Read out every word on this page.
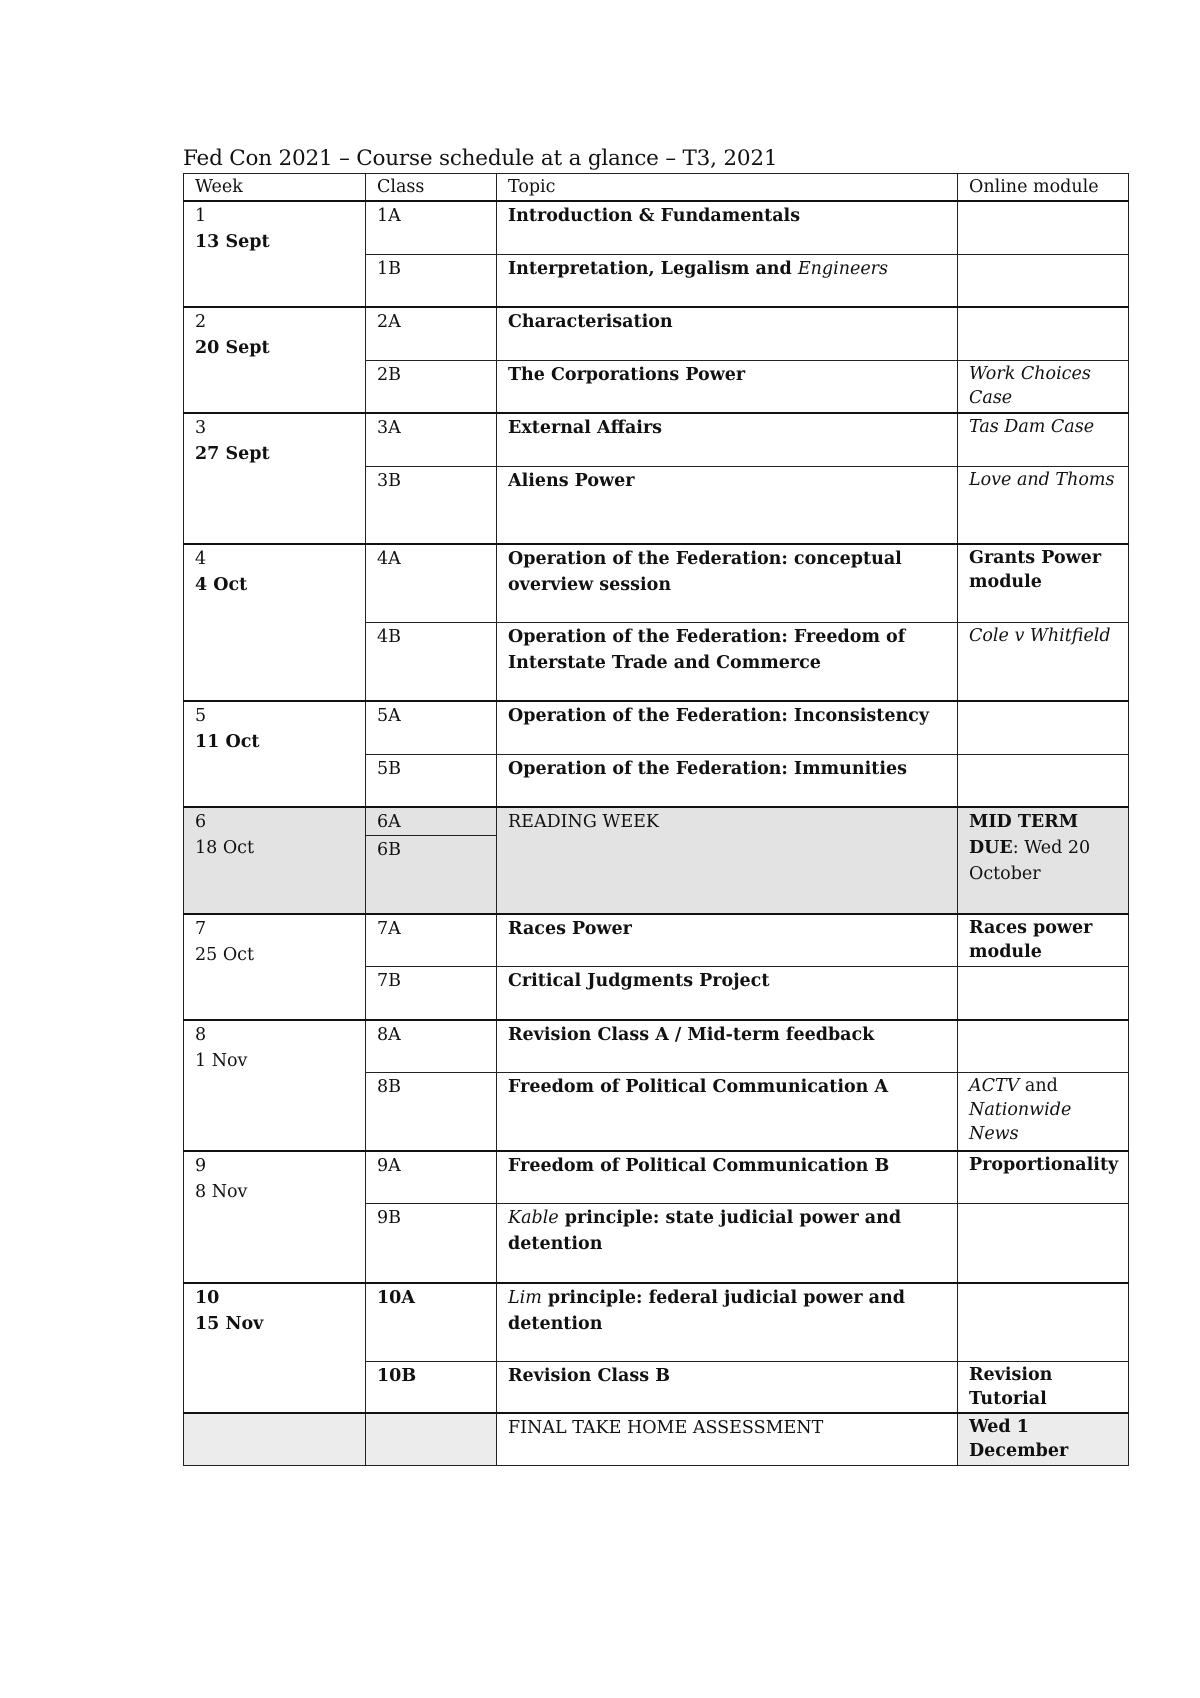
Fed Con 2021 – Course schedule at a glance – T3, 2021
Week	Class	Topic	Online module

1
13 Sept	1A	Introduction & Fundamentals	
	1B	Interpretation, Legalism and Engineers	

2
20 Sept	2A	Characterisation	
	2B	The Corporations Power	Work Choices Case

3
27 Sept	3A	External Affairs	Tas Dam Case
	3B	Aliens Power	Love and Thoms

4
4 Oct	4A	Operation of the Federation: conceptual overview session	Grants Power module
	4B	Operation of the Federation: Freedom of Interstate Trade and Commerce	Cole v Whitfield

5
11 Oct	5A	Operation of the Federation: Inconsistency	
	5B	Operation of the Federation: Immunities	

6
18 Oct	6A	READING WEEK	MID TERM DUE: Wed 20 October
	6B		

7
25 Oct	7A	Races Power	Races power module
	7B	Critical Judgments Project	

8
1 Nov	8A	Revision Class A / Mid-term feedback	
	8B	Freedom of Political Communication A	ACTV and Nationwide News

9
8 Nov	9A	Freedom of Political Communication B	Proportionality
	9B	Kable principle: state judicial power and detention	

10
15 Nov	10A	Lim principle: federal judicial power and detention	
	10B	Revision Class B	Revision Tutorial
		FINAL TAKE HOME ASSESSMENT	Wed 1 December
